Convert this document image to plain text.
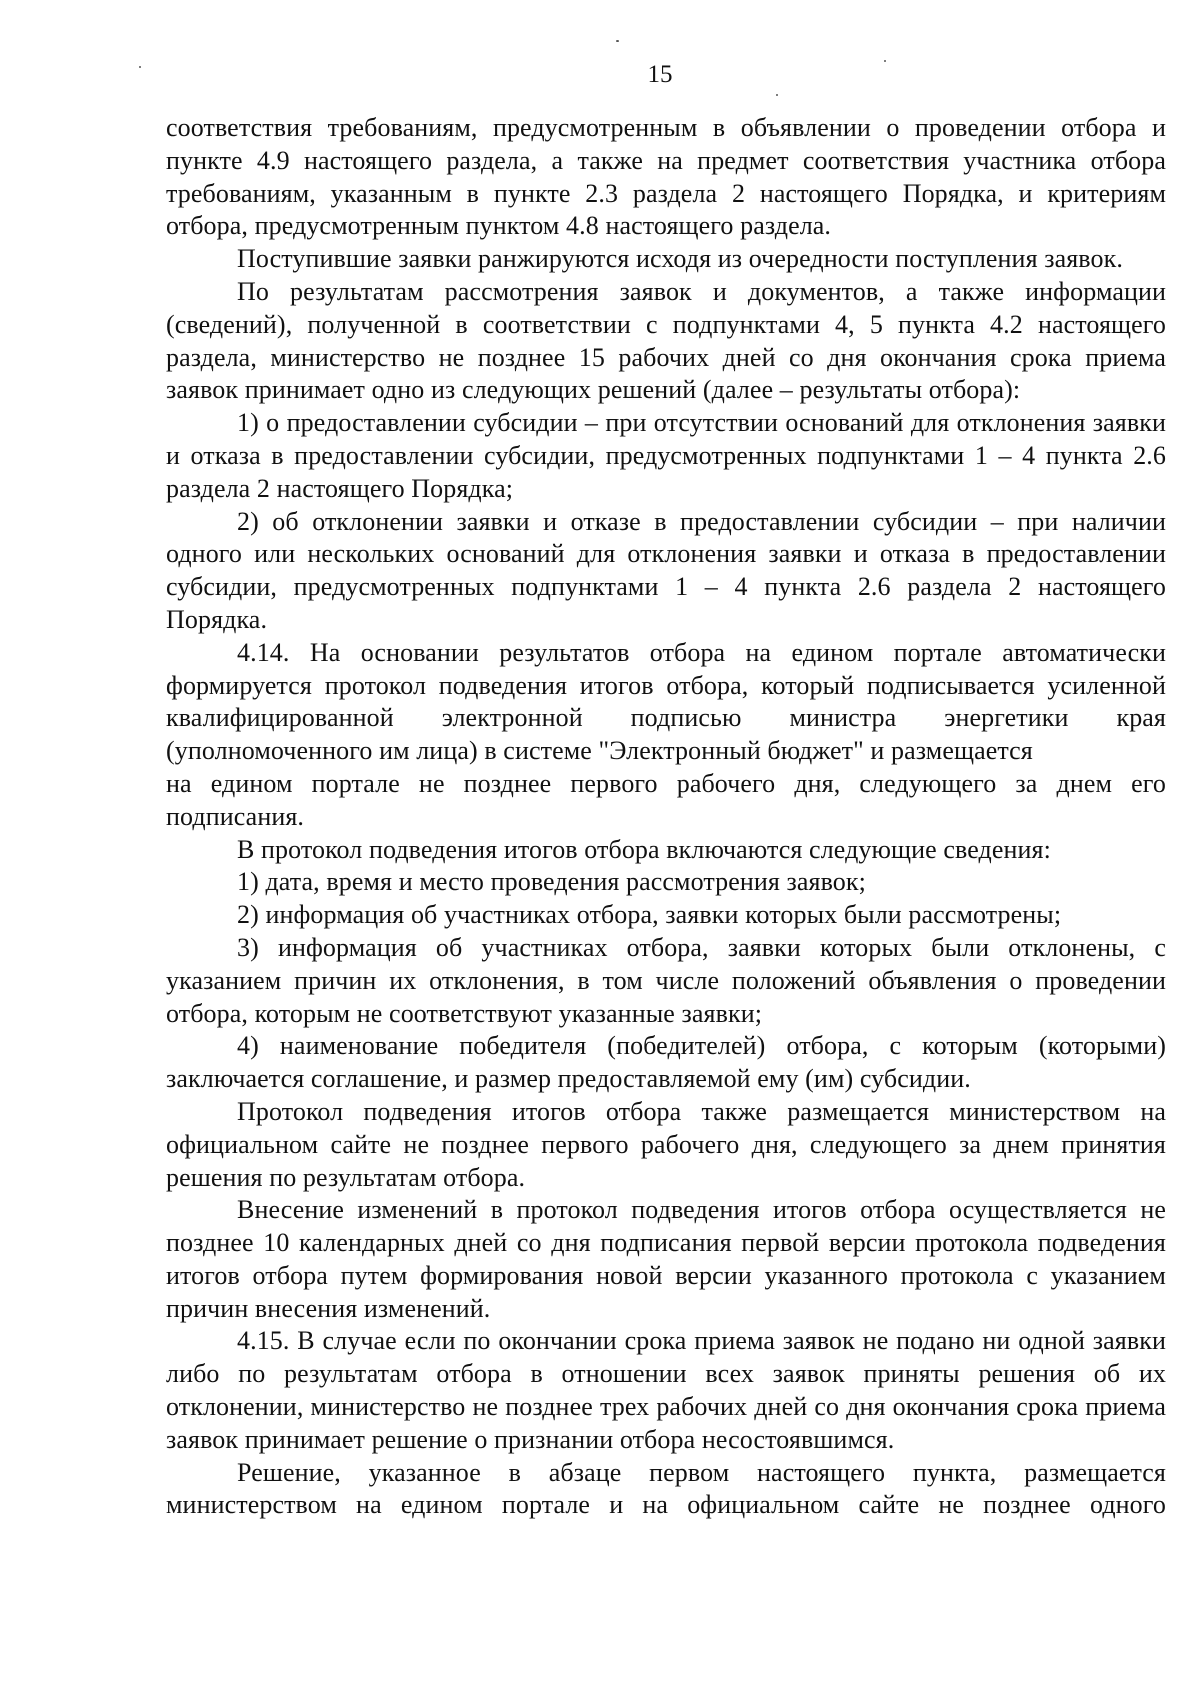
15

соответствия требованиям, предусмотренным в объявлении о проведении отбора и пункте 4.9 настоящего раздела, а также на предмет соответствия участника отбора требованиям, указанным в пункте 2.3 раздела 2 настоящего Порядка, и критериям отбора, предусмотренным пунктом 4.8 настоящего раздела.

Поступившие заявки ранжируются исходя из очередности поступления заявок.

По результатам рассмотрения заявок и документов, а также информации (сведений), полученной в соответствии с подпунктами 4, 5 пункта 4.2 настоящего раздела, министерство не позднее 15 рабочих дней со дня окончания срока приема заявок принимает одно из следующих решений (далее – результаты отбора):

1) о предоставлении субсидии – при отсутствии оснований для отклонения заявки и отказа в предоставлении субсидии, предусмотренных подпунктами 1 – 4 пункта 2.6 раздела 2 настоящего Порядка;

2) об отклонении заявки и отказе в предоставлении субсидии – при наличии одного или нескольких оснований для отклонения заявки и отказа в предоставлении субсидии, предусмотренных подпунктами 1 – 4 пункта 2.6 раздела 2 настоящего Порядка.

4.14. На основании результатов отбора на едином портале автоматически формируется протокол подведения итогов отбора, который подписывается усиленной квалифицированной электронной подписью министра энергетики края (уполномоченного им лица) в системе "Электронный бюджет" и размещается

на едином портале не позднее первого рабочего дня, следующего за днем его подписания.

В протокол подведения итогов отбора включаются следующие сведения:

1) дата, время и место проведения рассмотрения заявок;

2) информация об участниках отбора, заявки которых были рассмотрены;

3) информация об участниках отбора, заявки которых были отклонены, с указанием причин их отклонения, в том числе положений объявления о проведении отбора, которым не соответствуют указанные заявки;

4) наименование победителя (победителей) отбора, с которым (которыми) заключается соглашение, и размер предоставляемой ему (им) субсидии.

Протокол подведения итогов отбора также размещается министерством на официальном сайте не позднее первого рабочего дня, следующего за днем принятия решения по результатам отбора.

Внесение изменений в протокол подведения итогов отбора осуществляется не позднее 10 календарных дней со дня подписания первой версии протокола подведения итогов отбора путем формирования новой версии указанного протокола с указанием причин внесения изменений.

4.15. В случае если по окончании срока приема заявок не подано ни одной заявки либо по результатам отбора в отношении всех заявок приняты решения об их отклонении, министерство не позднее трех рабочих дней со дня окончания срока приема заявок принимает решение о признании отбора несостоявшимся.

Решение, указанное в абзаце первом настоящего пункта, размещается министерством на едином портале и на официальном сайте не позднее одного
